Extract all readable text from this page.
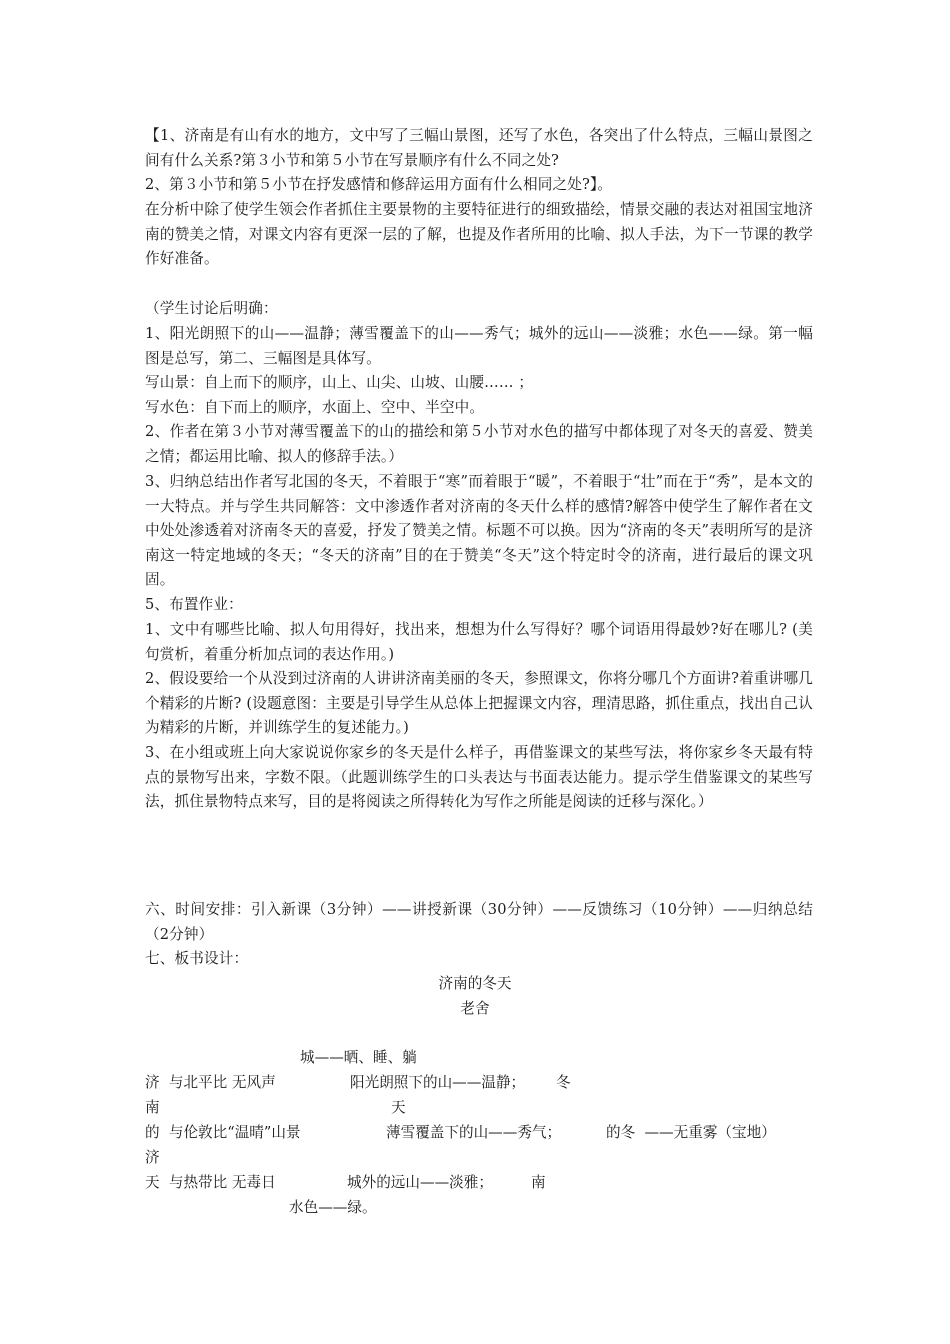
【1、济南是有山有水的地方，文中写了三幅山景图，还写了水色，各突出了什么特点，三幅山景图之间有什么关系?第３小节和第５小节在写景顺序有什么不同之处?

2、第３小节和第５小节在抒发感情和修辞运用方面有什么相同之处?】。

在分析中除了使学生领会作者抓住主要景物的主要特征进行的细致描绘，情景交融的表达对祖国宝地济南的赞美之情，对课文内容有更深一层的了解，也提及作者所用的比喻、拟人手法，为下一节课的教学作好准备。

（学生讨论后明确：

1、阳光朗照下的山——温静；薄雪覆盖下的山——秀气；城外的远山——淡雅；水色——绿。第一幅图是总写，第二、三幅图是具体写。

写山景：自上而下的顺序，山上、山尖、山坡、山腰…… ；

写水色：自下而上的顺序，水面上、空中、半空中。

2、作者在第３小节对薄雪覆盖下的山的描绘和第５小节对水色的描写中都体现了对冬天的喜爱、赞美之情；都运用比喻、拟人的修辞手法。）

3、归纳总结出作者写北国的冬天，不着眼于“寒”而着眼于“暖”，不着眼于“壮”而在于“秀”，是本文的一大特点。并与学生共同解答：文中渗透作者对济南的冬天什么样的感情?解答中使学生了解作者在文中处处渗透着对济南冬天的喜爱，抒发了赞美之情。标题不可以换。因为“济南的冬天”表明所写的是济南这一特定地域的冬天；“冬天的济南”目的在于赞美“冬天”这个特定时令的济南，进行最后的课文巩固。

5、布置作业：

1、文中有哪些比喻、拟人句用得好，找出来，想想为什么写得好？哪个词语用得最妙?好在哪儿? (美句赏析，着重分析加点词的表达作用。)

2、假设要给一个从没到过济南的人讲讲济南美丽的冬天，参照课文，你将分哪几个方面讲?着重讲哪几个精彩的片断? (设题意图：主要是引导学生从总体上把握课文内容，理清思路，抓住重点，找出自己认为精彩的片断，并训练学生的复述能力。)

3、在小组或班上向大家说说你家乡的冬天是什么样子，再借鉴课文的某些写法，将你家乡冬天最有特点的景物写出来，字数不限。（此题训练学生的口头表达与书面表达能力。提示学生借鉴课文的某些写法，抓住景物特点来写，目的是将阅读之所得转化为写作之所能是阅读的迁移与深化。）

六、时间安排：引入新课（3分钟）——讲授新课（30分钟）——反馈练习（10分钟）——归纳总结（2分钟）

七、板书设计：

济南的冬天
老舍
城——晒、睡、躺
济  与北平比 无风声	阳光朗照下的山——温静； 冬
南	天
的  与伦敦比“温晴”山景	薄雪覆盖下的山——秀气；	的冬  ——无重雾（宝地）
济
天  与热带比 无毒日	城外的远山——淡雅；	南
水色——绿。
